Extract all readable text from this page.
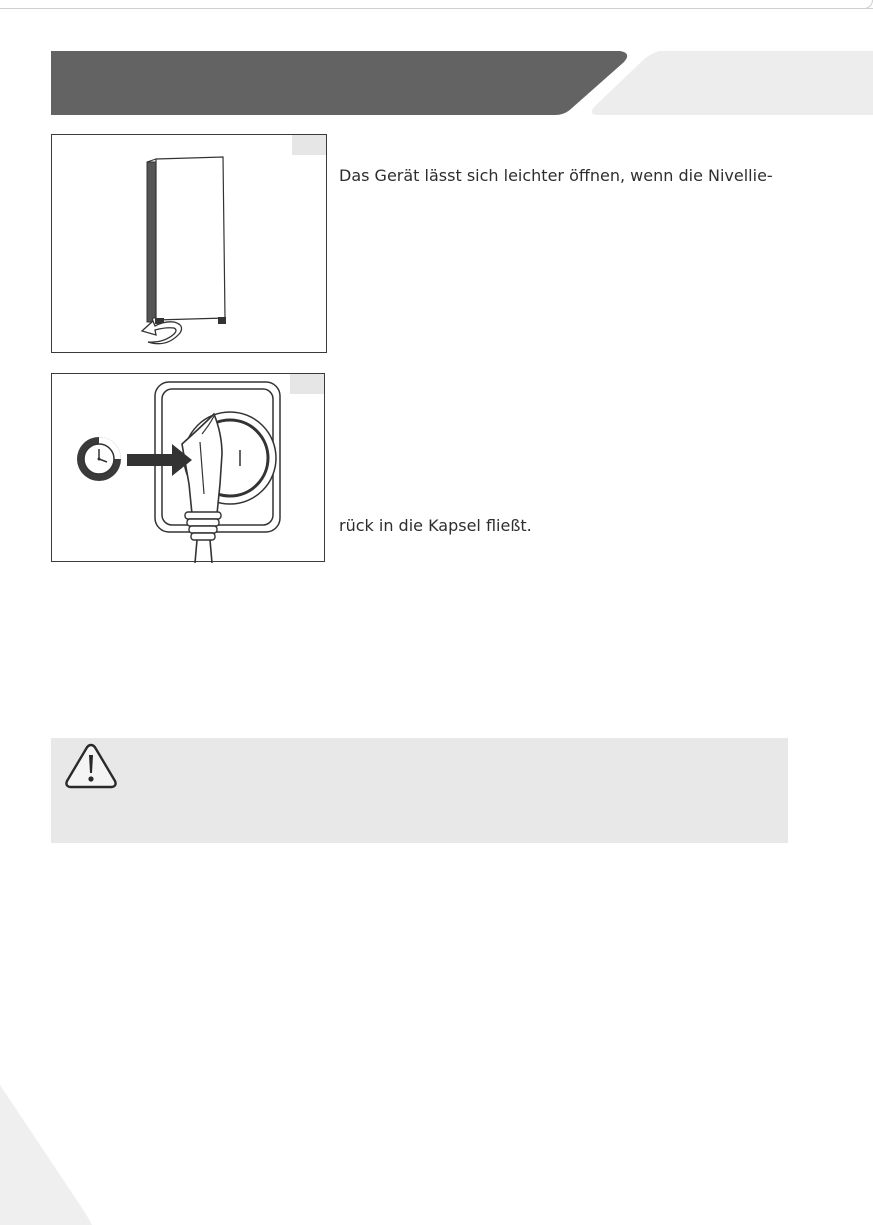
Das Gerät lässt sich leichter öffnen, wenn die Nivellie-
rück in die Kapsel fließt.
